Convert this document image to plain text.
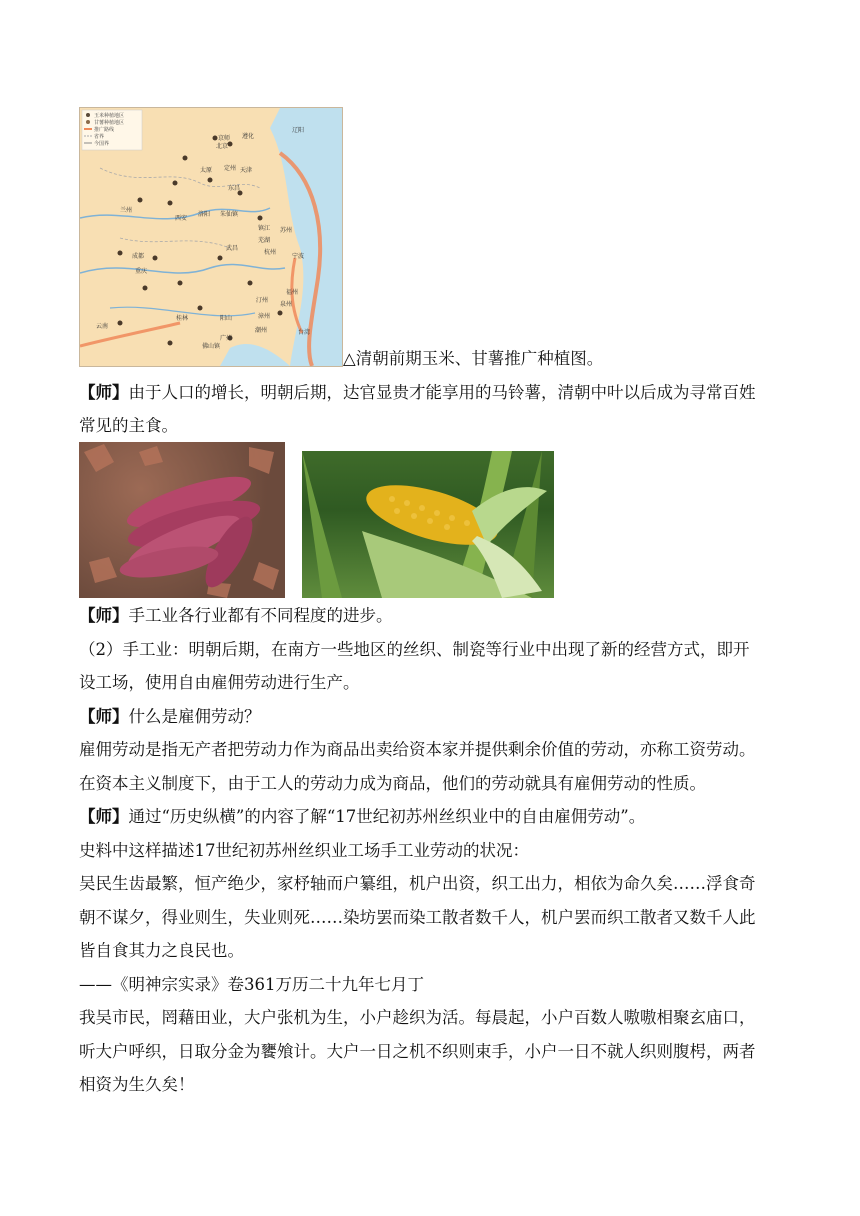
玉米种植地区
甘薯种植地区
推广路线
省界
今国界
辽阳
京师
北京
遵化
天津
太原 定州
东昌
兰州
洛阳 朱仙镇
西安
镇江 苏州
芜湖
杭州
成都
武昌
宁波
重庆
福州
汀州
漳州
泉州
桂林	阳山
潮州
云南
广州
台湾
佛山镇
△清朝前期玉米、甘薯推广种植图。
【师】由于人口的增长，明朝后期，达官显贵才能享用的马铃薯，清朝中叶以后成为寻常百姓
常见的主食。
【师】手工业各行业都有不同程度的进步。
（2）手工业：明朝后期，在南方一些地区的丝织、制瓷等行业中出现了新的经营方式，即开
设工场，使用自由雇佣劳动进行生产。
【师】什么是雇佣劳动？
雇佣劳动是指无产者把劳动力作为商品出卖给资本家并提供剩余价值的劳动，亦称工资劳动。
在资本主义制度下，由于工人的劳动力成为商品，他们的劳动就具有雇佣劳动的性质。
【师】通过“历史纵横”的内容了解“17世纪初苏州丝织业中的自由雇佣劳动”。
史料中这样描述17世纪初苏州丝织业工场手工业劳动的状况：
吴民生齿最繁，恒产绝少，家杼轴而户纂组，机户出资，织工出力，相依为命久矣……浮食奇
朝不谋夕，得业则生，失业则死……染坊罢而染工散者数千人，机户罢而织工散者又数千人此
皆自食其力之良民也。
——《明神宗实录》卷361万历二十九年七月丁
我吴市民，罔藉田业，大户张机为生，小户趁织为活。每晨起，小户百数人嗷嗷相聚玄庙口，
听大户呼织，日取分金为饔飧计。大户一日之机不织则束手，小户一日不就人织则腹枵，两者
相资为生久矣！
